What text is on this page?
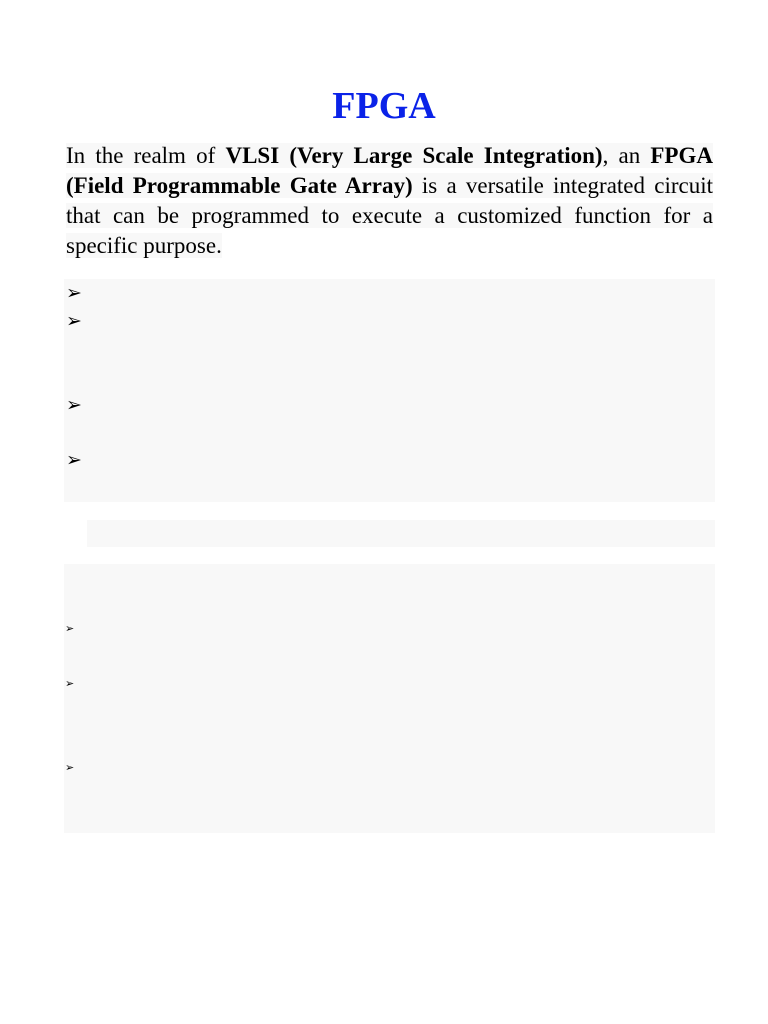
FPGA

In the realm of VLSI (Very Large Scale Integration), an FPGA (Field Programmable Gate Array) is a versatile integrated circuit that can be programmed to execute a customized function for a specific purpose.

➢
➢
➢
➢
➢
➢
➢
